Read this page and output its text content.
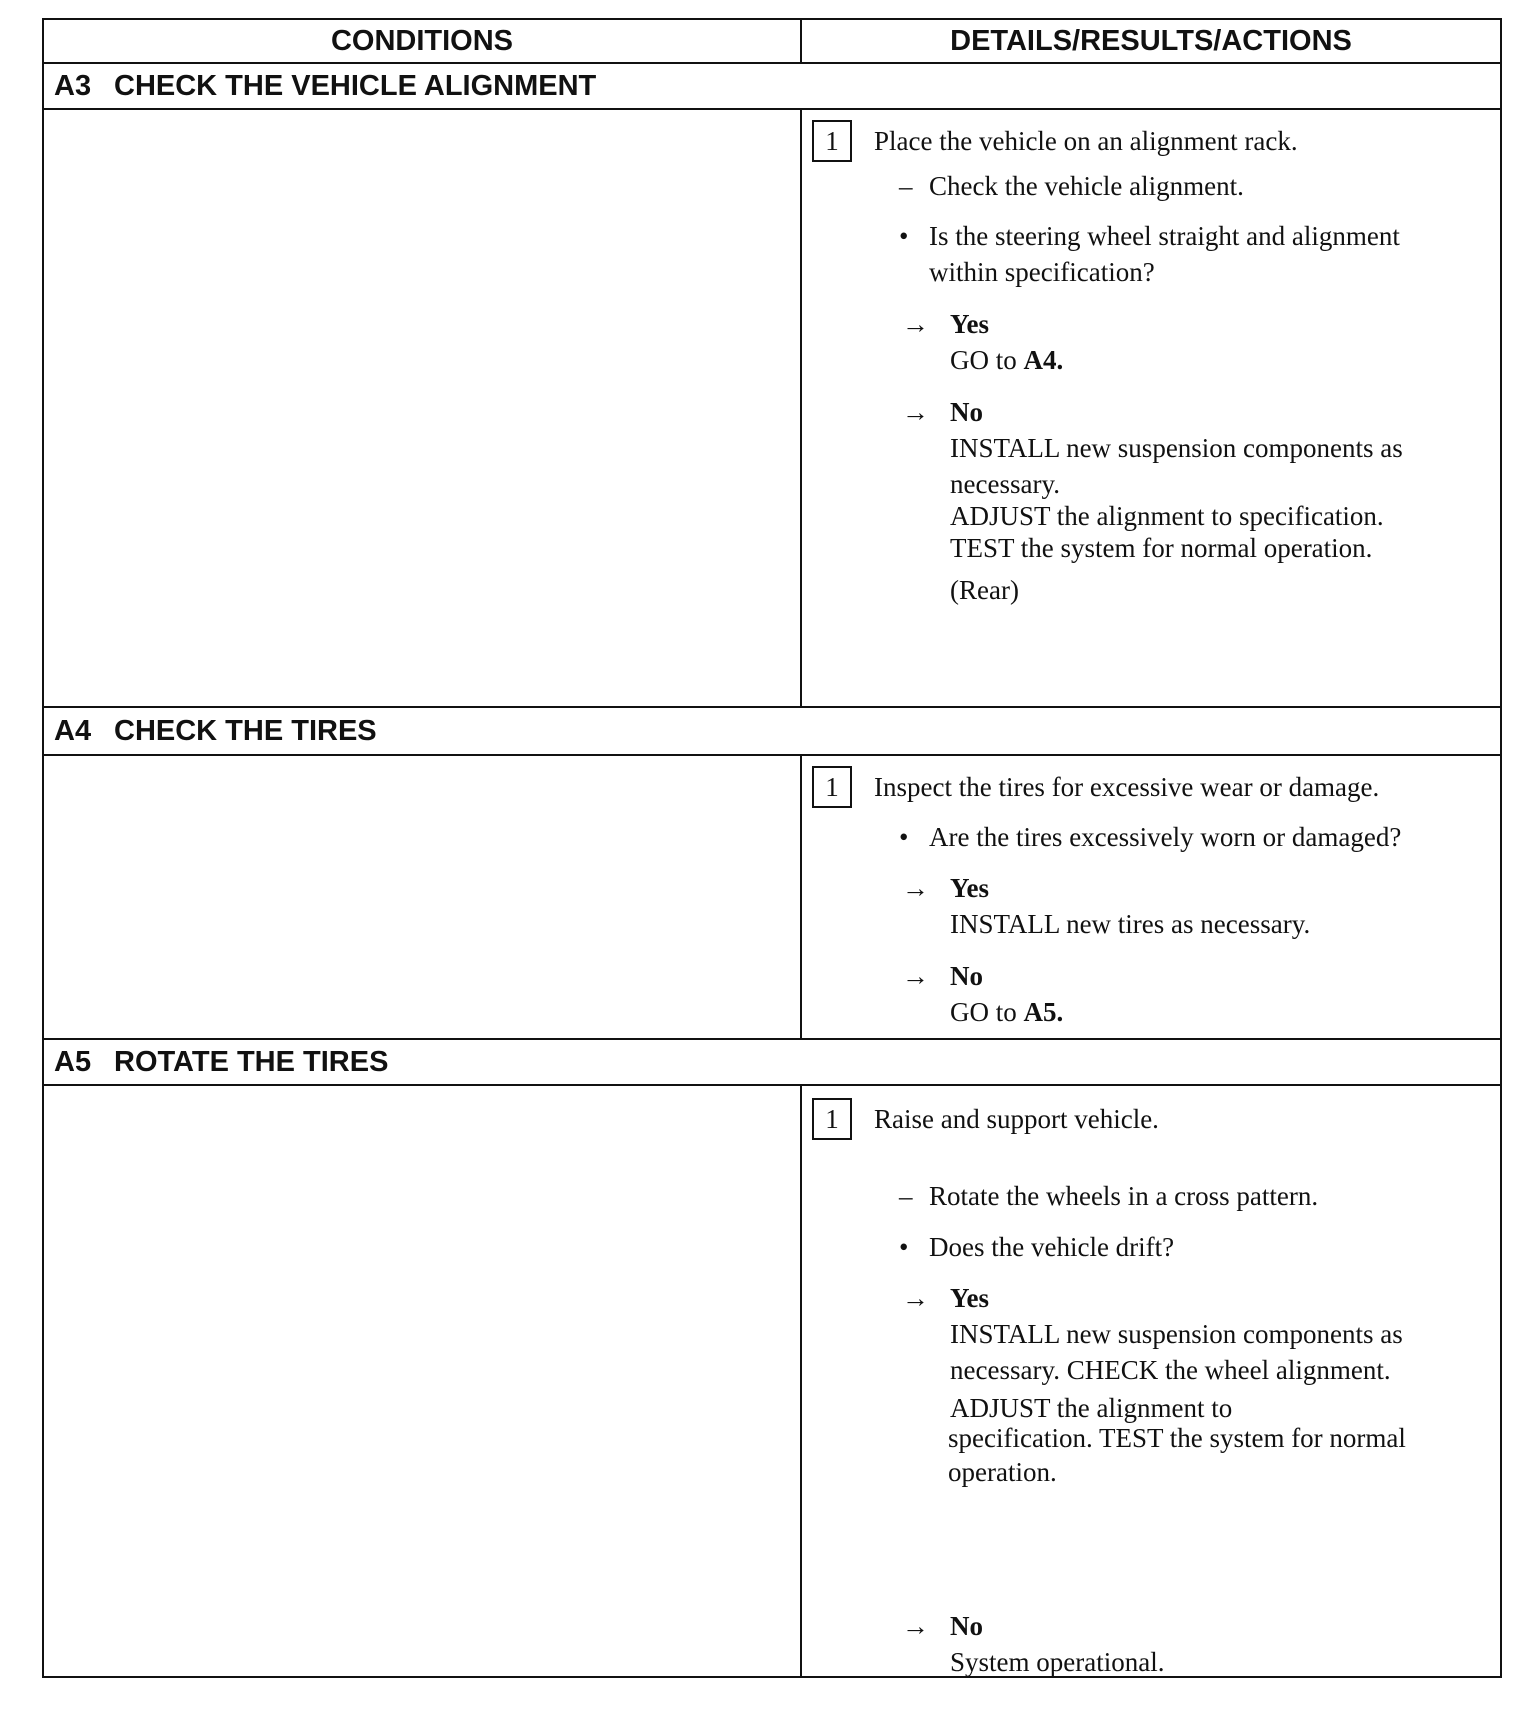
CONDITIONS	DETAILS/RESULTS/ACTIONS
A3 CHECK THE VEHICLE ALIGNMENT
1	Place the vehicle on an alignment rack.
– Check the vehicle alignment.
• Is the steering wheel straight and alignment
within specification?
→ Yes
GO to A4.
→ No
INSTALL new suspension components as
necessary.
ADJUST the alignment to specification.
TEST the system for normal operation.
(Rear)
A4 CHECK THE TIRES
1	Inspect the tires for excessive wear or damage.
• Are the tires excessively worn or damaged?
→ Yes
INSTALL new tires as necessary.
→ No
GO to A5.
A5 ROTATE THE TIRES
1	Raise and support vehicle.
– Rotate the wheels in a cross pattern.
• Does the vehicle drift?
→ Yes
INSTALL new suspension components as
necessary. CHECK the wheel alignment.
ADJUST the alignment to
specification. TEST the system for normal
operation.
→ No
System operational.
